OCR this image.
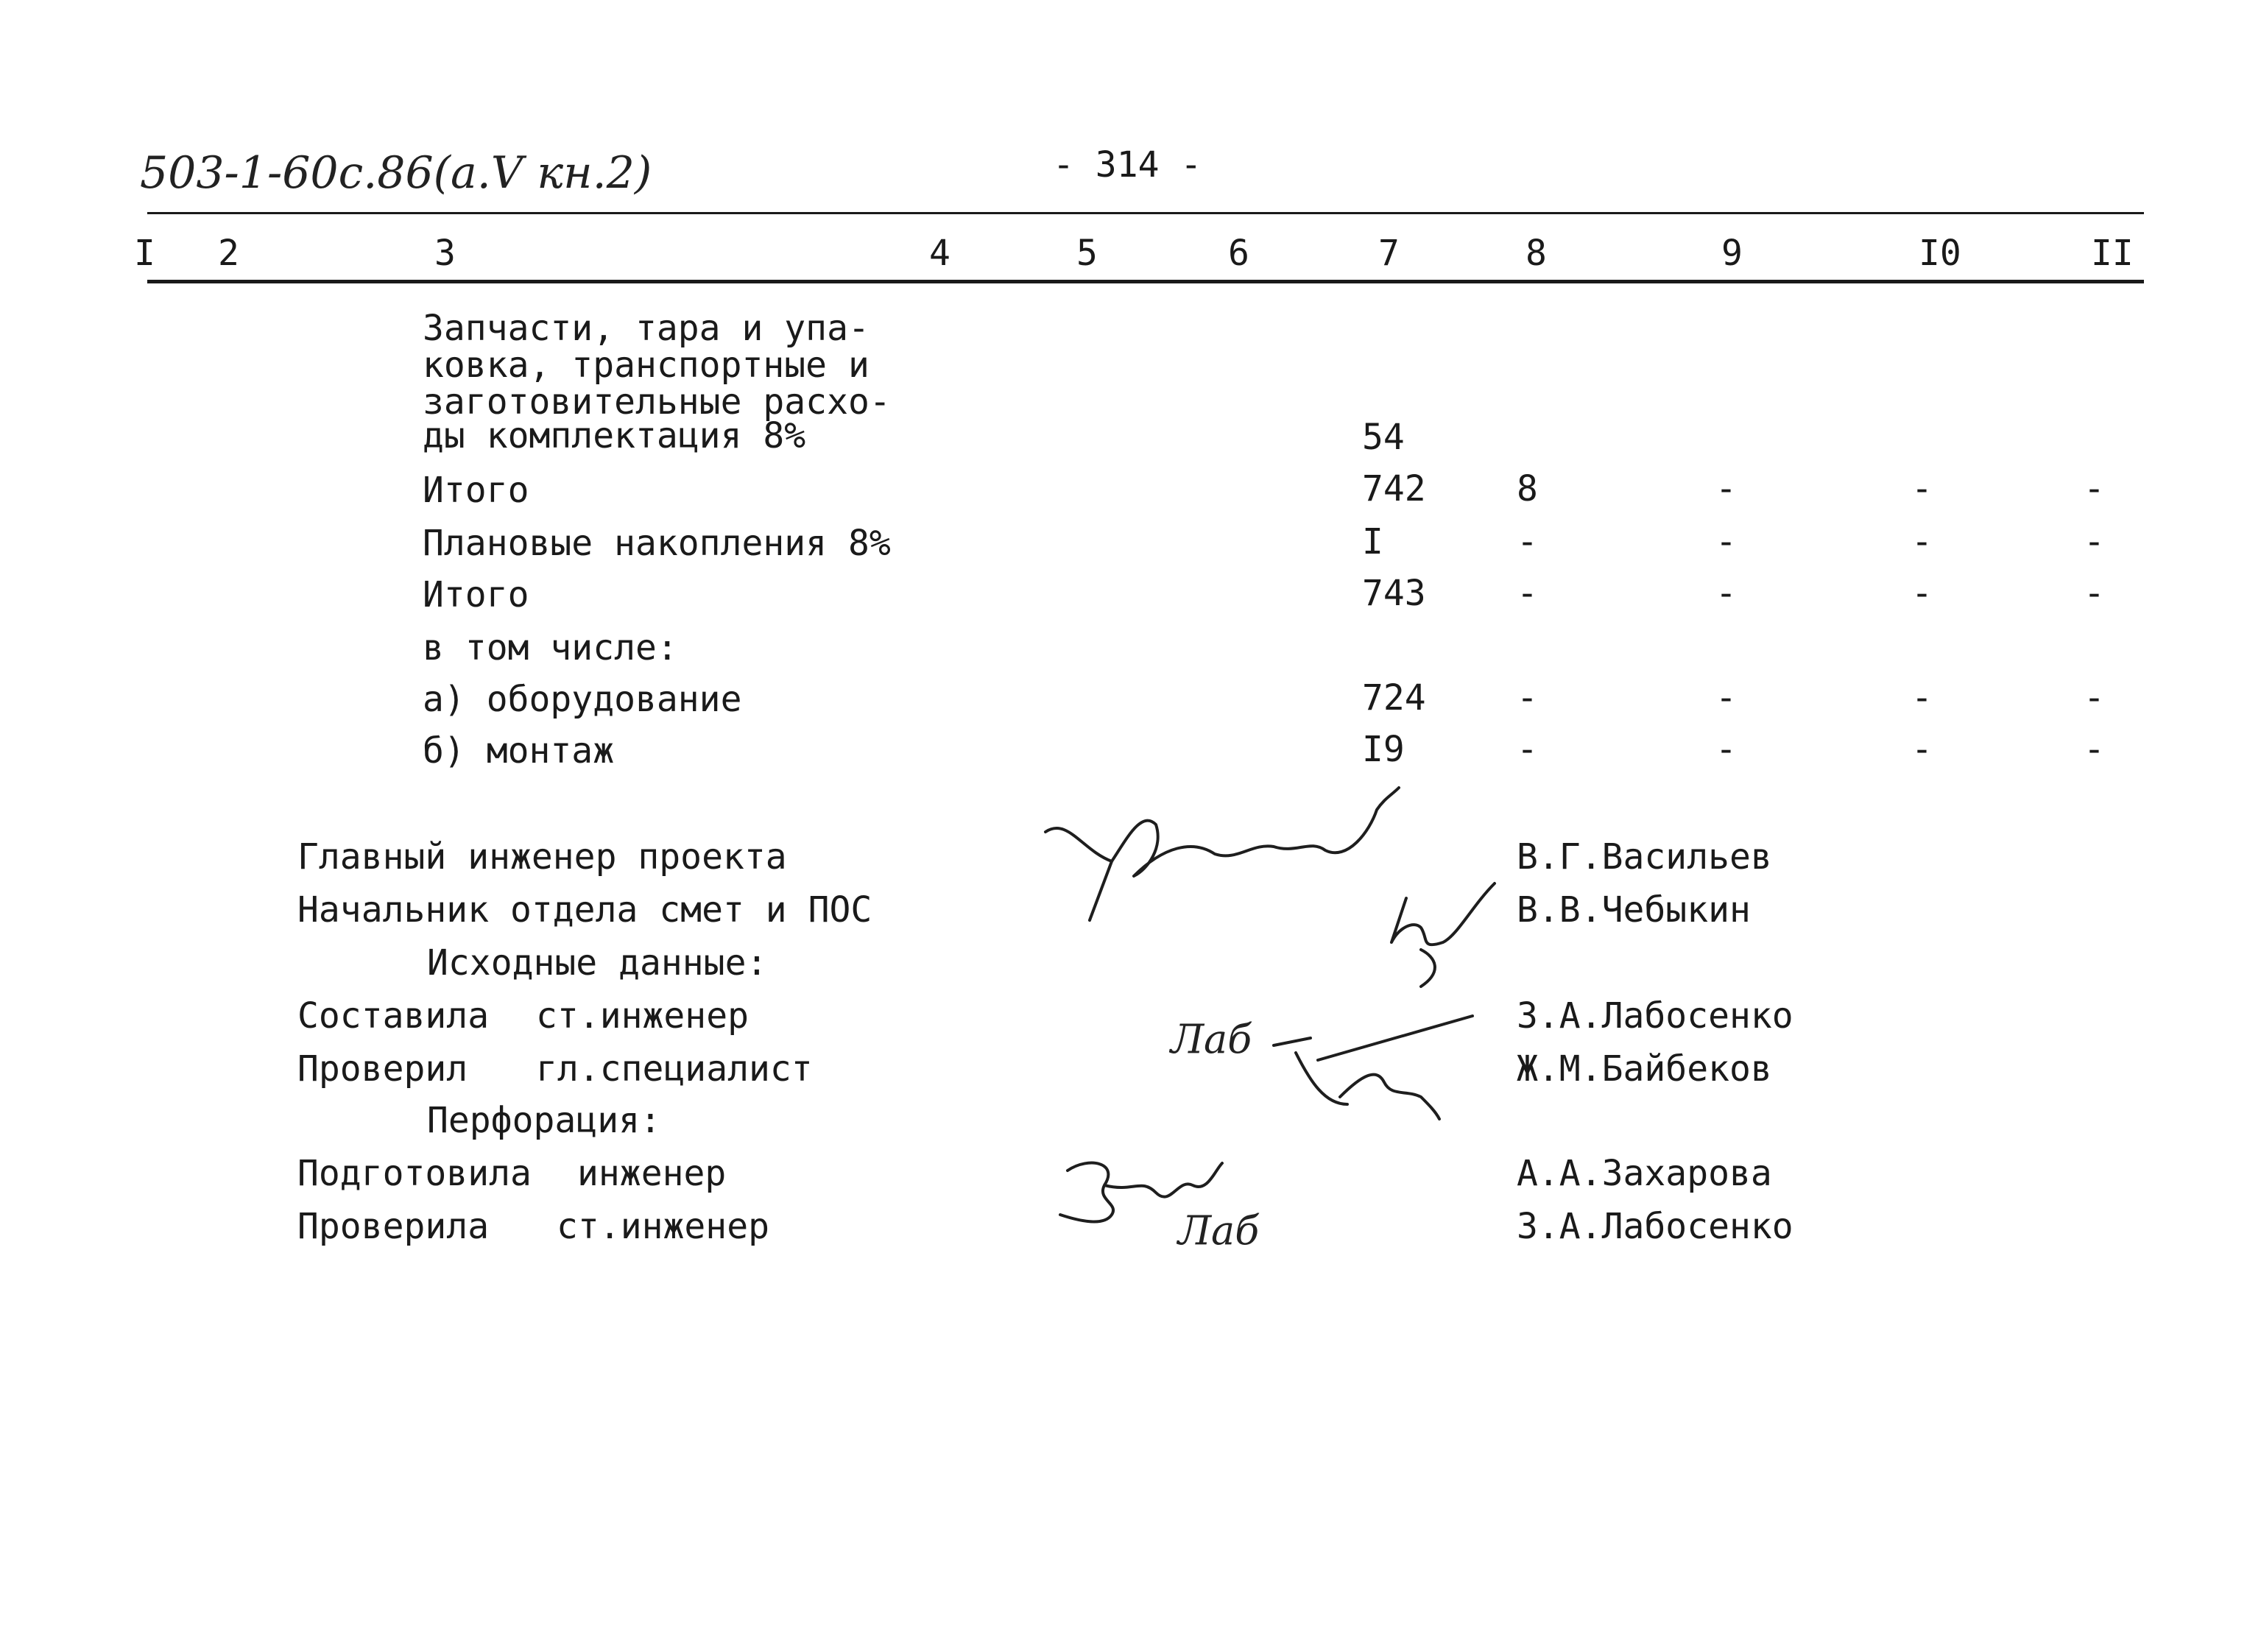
503-1-60с.86(а.V кн.2)	- 314 -
I 2	3	4	5	6	7	8	9	I0	II
Запчасти, тара и упа-
ковка, транспортные и
заготовительные расхо-
ды комплектация 8%	54
Итого	742	8	-	-	-
Плановые накопления 8%	I	-	-	-	-
Итого	743	-	-	-	-
в том числе:
а) оборудование	724	-	-	-	-
б) монтаж	I9	-	-	-	-
Главный инженер проекта	В.Г.Васильев
Начальник отдела смет и ПОС	В.В.Чебыкин
Исходные данные:
Составила ст.инженер	З.А.Лабосенко
Проверил гл.специалист	Ж.М.Байбеков
Перфорация:
Подготовила инженер	А.А.Захарова
Проверила ст.инженер	З.А.Лабосенко
Лаб
Лаб
